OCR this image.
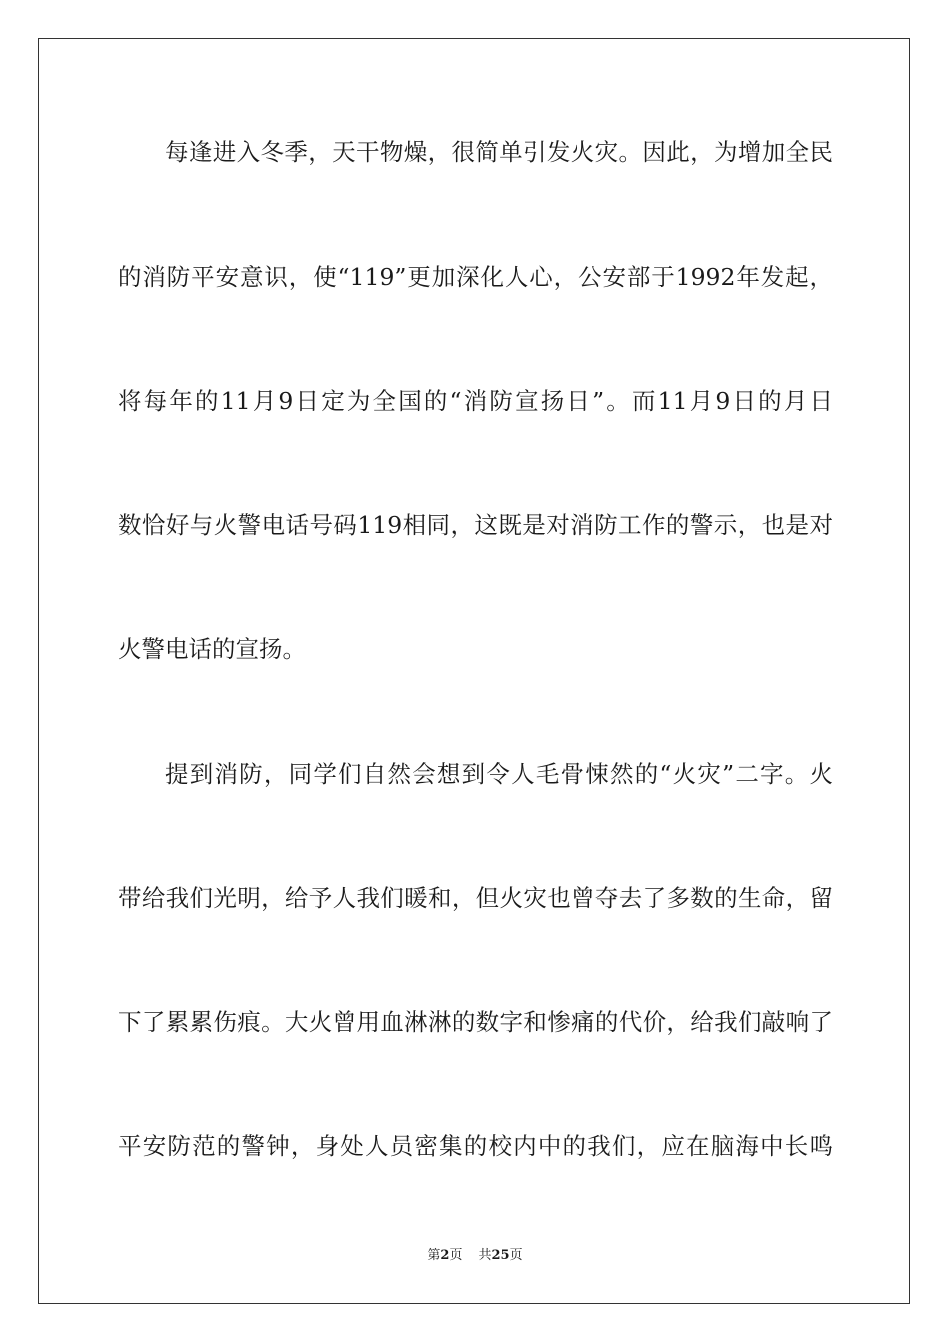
每逢进入冬季，天干物燥，很简单引发火灾。因此，为增加全民
的消防平安意识，使“119”更加深化人心，公安部于1992年发起，
将每年的11月9日定为全国的“消防宣扬日”。而11月9日的月日
数恰好与火警电话号码119相同，这既是对消防工作的警示，也是对
火警电话的宣扬。
提到消防，同学们自然会想到令人毛骨悚然的“火灾”二字。火
带给我们光明，给予人我们暖和，但火灾也曾夺去了多数的生命，留
下了累累伤痕。大火曾用血淋淋的数字和惨痛的代价，给我们敲响了
平安防范的警钟，身处人员密集的校内中的我们，应在脑海中长鸣
第2页 共25页
